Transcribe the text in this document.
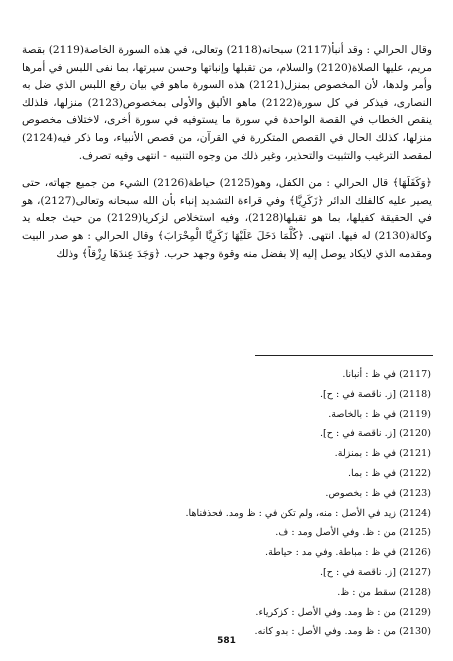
وقال الحرالي : وقد أنبأ(2117) سبحانه(2118) وتعالى، في هذه السورة الخاصة(2119) بقصة مريم، عليها الصلاة(2120) والسلام، من تقبلها وإنباتها وحسن سيرتها، بما نفى اللبس في أمرها وأمر ولدها، لأن المخصوص بمنزل(2121) هذه السورة ماهو في بيان رفع اللبس الذي ضل به النصارى، فيذكر في كل سورة(2122) ماهو الأليق والأولى بمخصوص(2123) منزلها، فلذلك ينقص الخطاب في القصة الواحدة في سورة ما يستوفيه في سورة أخرى، لاختلاف مخصوص منزلها، كذلك الحال في القصص المتكررة في القرآن، من قصص الأنبياء، وما ذكر فيه(2124) لمقصد الترغيب والتثبيت والتحذير، وغير ذلك من وجوه التنبيه - انتهى وفيه تصرف.

﴿وَكَفَلَهَا﴾ قال الحرالي : من الكفل، وهو(2125) حياطة(2126) الشيء من جميع جهاته، حتى يصير عليه كالفلك الدائر ﴿زَكَرِيَّا﴾ وفي قراءة التشديد إنباء بأن الله سبحانه وتعالى(2127)، هو في الحقيقة كفيلها، بما هو تقبلها(2128)، وفيه استخلاص لزكريا(2129) من حيث جعله يد وكالة(2130) له فيها. انتهى. ﴿كُلَّمَا دَخَلَ عَلَيْهَا زَكَرِيَّا الْمِحْرَابَ﴾ وقال الحرالي : هو صدر البيت ومقدمه الذي لايكاد يوصل إليه إلا بفضل منه وقوة وجهد حرب. ﴿وَجَدَ عِندَهَا رِزْقاً﴾ وذلك

(2117) في ظ : أنبانا.
(2118) [ز. ناقصة في : ح].
(2119) في ظ : بالخاصة.
(2120) [ز. ناقصة في : ح].
(2121) في ظ : بمنزلة.
(2122) في ظ : بما.
(2123) في ظ : بخصوص.
(2124) زيد في الأصل : منه، ولم تكن في : ظ ومد. فحذفناها.
(2125) من : ظ. وفي الأصل ومد : ف.
(2126) في ظ : مباطة. وفي مد : حياطة.
(2127) [ز. ناقصة في : ح].
(2128) سقط من : ظ.
(2129) من : ظ ومد. وفي الأصل : كزكرياء.
(2130) من : ظ ومد. وفي الأصل : بدو كانه.
581
